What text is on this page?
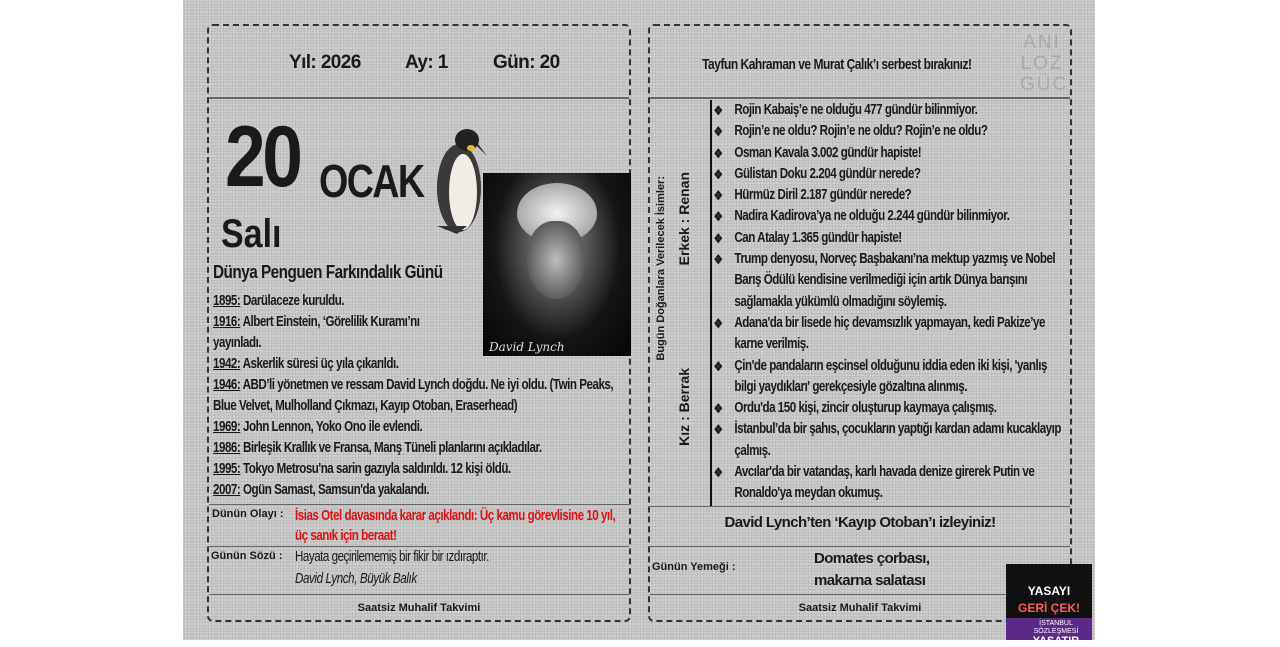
Yıl: 2026 Ay: 1 Gün: 20
20 OCAK
Salı
Dünya Penguen Farkındalık Günü
David Lynch
1895: Darülaceze kuruldu.
1916: Albert Einstein, ‘Görelilik Kuramı’nı yayınladı.
1942: Askerlik süresi üç yıla çıkarıldı.
1946: ABD’li yönetmen ve ressam David Lynch doğdu. Ne iyi oldu. (Twin Peaks, Blue Velvet, Mulholland Çıkmazı, Kayıp Otoban, Eraserhead)
1969: John Lennon, Yoko Ono ile evlendi.
1986: Birleşik Krallık ve Fransa, Manş Tüneli planlarını açıkladılar.
1995: Tokyo Metrosu'na sarin gazıyla saldırıldı. 12 kişi öldü.
2007: Ogün Samast, Samsun'da yakalandı.
Dünün Olayı : İsias Otel davasında karar açıklandı: Üç kamu görevlisine 10 yıl, üç sanık için beraat!
Günün Sözü : Hayata geçirilememiş bir fikir bir ızdıraptır.
David Lynch, Büyük Balık
Saatsiz Muhalif Takvimi
Tayfun Kahraman ve Murat Çalık’ı serbest bırakınız!
ANI
LOZ
GÜC
Bugün Doğanlara Verilecek İsimler: Erkek : Renan
Kız : Berrak
❖ Rojin Kabaiş’e ne olduğu 477 gündür bilinmiyor.
❖ Rojin’e ne oldu? Rojin’e ne oldu? Rojin’e ne oldu?
❖ Osman Kavala 3.002 gündür hapiste!
❖ Gülistan Doku 2.204 gündür nerede?
❖ Hürmüz Diril 2.187 gündür nerede?
❖ Nadira Kadirova’ya ne olduğu 2.244 gündür bilinmiyor.
❖ Can Atalay 1.365 gündür hapiste!
❖ Trump denyosu, Norveç Başbakanı’na mektup yazmış ve Nobel Barış Ödülü kendisine verilmediği için artık Dünya barışını sağlamakla yükümlü olmadığını söylemiş.
❖ Adana'da bir lisede hiç devamsızlık yapmayan, kedi Pakize’ye karne verilmiş.
❖ Çin'de pandaların eşcinsel olduğunu iddia eden iki kişi, 'yanlış bilgi yaydıkları' gerekçesiyle gözaltına alınmış.
❖ Ordu'da 150 kişi, zincir oluşturup kaymaya çalışmış.
❖ İstanbul’da bir şahıs, çocukların yaptığı kardan adamı kucaklayıp çalmış.
❖ Avcılar'da bir vatandaş, karlı havada denize girerek Putin ve Ronaldo'ya meydan okumuş.
David Lynch’ten ‘Kayıp Otoban’ı izleyiniz!
Günün Yemeği :	Domates çorbası,
makarna salatası
Saatsiz Muhalif Takvimi
YASAYI
GERİ ÇEK!
İSTANBUL SÖZLEŞMESİ
YAŞATIR
